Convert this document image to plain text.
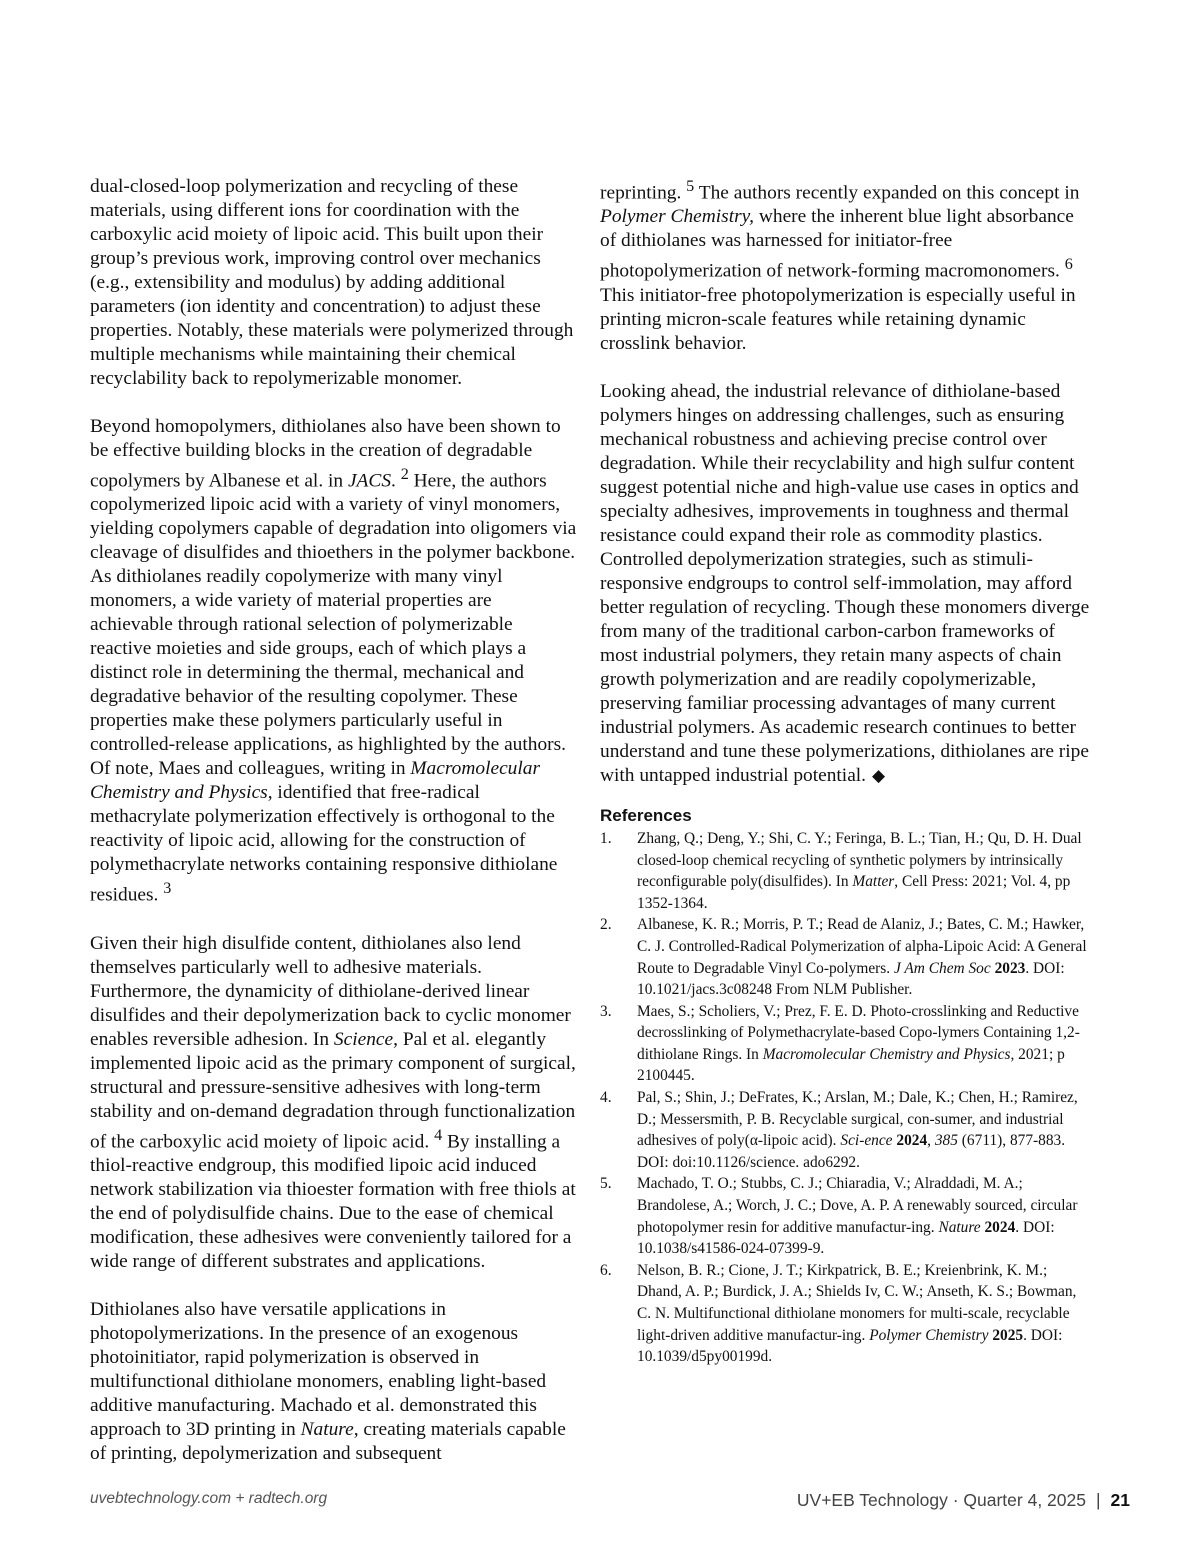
dual-closed-loop polymerization and recycling of these materials, using different ions for coordination with the carboxylic acid moiety of lipoic acid. This built upon their group’s previous work, improving control over mechanics (e.g., extensibility and modulus) by adding additional parameters (ion identity and concentration) to adjust these properties. Notably, these materials were polymerized through multiple mechanisms while maintaining their chemical recyclability back to repolymerizable monomer.

Beyond homopolymers, dithiolanes also have been shown to be effective building blocks in the creation of degradable copolymers by Albanese et al. in JACS. $^2$ Here, the authors copolymerized lipoic acid with a variety of vinyl monomers, yielding copolymers capable of degradation into oligomers via cleavage of disulfides and thioethers in the polymer backbone. As dithiolanes readily copolymerize with many vinyl monomers, a wide variety of material properties are achievable through rational selection of polymerizable reactive moieties and side groups, each of which plays a distinct role in determining the thermal, mechanical and degradative behavior of the resulting copolymer. These properties make these polymers particularly useful in controlled-release applications, as highlighted by the authors. Of note, Maes and colleagues, writing in Macromolecular Chemistry and Physics, identified that free-radical methacrylate polymerization effectively is orthogonal to the reactivity of lipoic acid, allowing for the construction of polymethacrylate networks containing responsive dithiolane residues. $^3$

Given their high disulfide content, dithiolanes also lend themselves particularly well to adhesive materials. Furthermore, the dynamicity of dithiolane-derived linear disulfides and their depolymerization back to cyclic monomer enables reversible adhesion. In Science, Pal et al. elegantly implemented lipoic acid as the primary component of surgical, structural and pressure-sensitive adhesives with long-term stability and on-demand degradation through functionalization of the carboxylic acid moiety of lipoic acid. $^4$ By installing a thiol-reactive endgroup, this modified lipoic acid induced network stabilization via thioester formation with free thiols at the end of polydisulfide chains. Due to the ease of chemical modification, these adhesives were conveniently tailored for a wide range of different substrates and applications.

Dithiolanes also have versatile applications in photopolymerizations. In the presence of an exogenous photoinitiator, rapid polymerization is observed in multifunctional dithiolane monomers, enabling light-based additive manufacturing. Machado et al. demonstrated this approach to 3D printing in Nature, creating materials capable of printing, depolymerization and subsequent

reprinting. $^5$ The authors recently expanded on this concept in Polymer Chemistry, where the inherent blue light absorbance of dithiolanes was harnessed for initiator-free photopolymerization of network-forming macromonomers. $^6$ This initiator-free photopolymerization is especially useful in printing micron-scale features while retaining dynamic crosslink behavior.

Looking ahead, the industrial relevance of dithiolane-based polymers hinges on addressing challenges, such as ensuring mechanical robustness and achieving precise control over degradation. While their recyclability and high sulfur content suggest potential niche and high-value use cases in optics and specialty adhesives, improvements in toughness and thermal resistance could expand their role as commodity plastics. Controlled depolymerization strategies, such as stimuli-responsive endgroups to control self-immolation, may afford better regulation of recycling. Though these monomers diverge from many of the traditional carbon-carbon frameworks of most industrial polymers, they retain many aspects of chain growth polymerization and are readily copolymerizable, preserving familiar processing advantages of many current industrial polymers. As academic research continues to better understand and tune these polymerizations, dithiolanes are ripe with untapped industrial potential. ◆

References
1. Zhang, Q.; Deng, Y.; Shi, C. Y.; Feringa, B. L.; Tian, H.; Qu, D. H. Dual closed-loop chemical recycling of synthetic polymers by intrinsically reconfigurable poly(disulfides). In Matter, Cell Press: 2021; Vol. 4, pp 1352-1364.
2. Albanese, K. R.; Morris, P. T.; Read de Alaniz, J.; Bates, C. M.; Hawker, C. J. Controlled-Radical Polymerization of alpha-Lipoic Acid: A General Route to Degradable Vinyl Co-polymers. J Am Chem Soc 2023. DOI: 10.1021/jacs.3c08248 From NLM Publisher.
3. Maes, S.; Scholiers, V.; Prez, F. E. D. Photo-crosslinking and Reductive decrosslinking of Polymethacrylate-based Copo-lymers Containing 1,2-dithiolane Rings. In Macromolecular Chemistry and Physics, 2021; p 2100445.
4. Pal, S.; Shin, J.; DeFrates, K.; Arslan, M.; Dale, K.; Chen, H.; Ramirez, D.; Messersmith, P. B. Recyclable surgical, con-sumer, and industrial adhesives of poly(α-lipoic acid). Sci-ence 2024, 385 (6711), 877-883. DOI: doi:10.1126/science. ado6292.
5. Machado, T. O.; Stubbs, C. J.; Chiaradia, V.; Alraddadi, M. A.; Brandolese, A.; Worch, J. C.; Dove, A. P. A renewably sourced, circular photopolymer resin for additive manufactur-ing. Nature 2024. DOI: 10.1038/s41586-024-07399-9.
6. Nelson, B. R.; Cione, J. T.; Kirkpatrick, B. E.; Kreienbrink, K. M.; Dhand, A. P.; Burdick, J. A.; Shields Iv, C. W.; Anseth, K. S.; Bowman, C. N. Multifunctional dithiolane monomers for multi-scale, recyclable light-driven additive manufactur-ing. Polymer Chemistry 2025. DOI: 10.1039/d5py00199d.
uvebtechnology.com + radtech.org	UV+EB Technology · Quarter 4, 2025 | 21
